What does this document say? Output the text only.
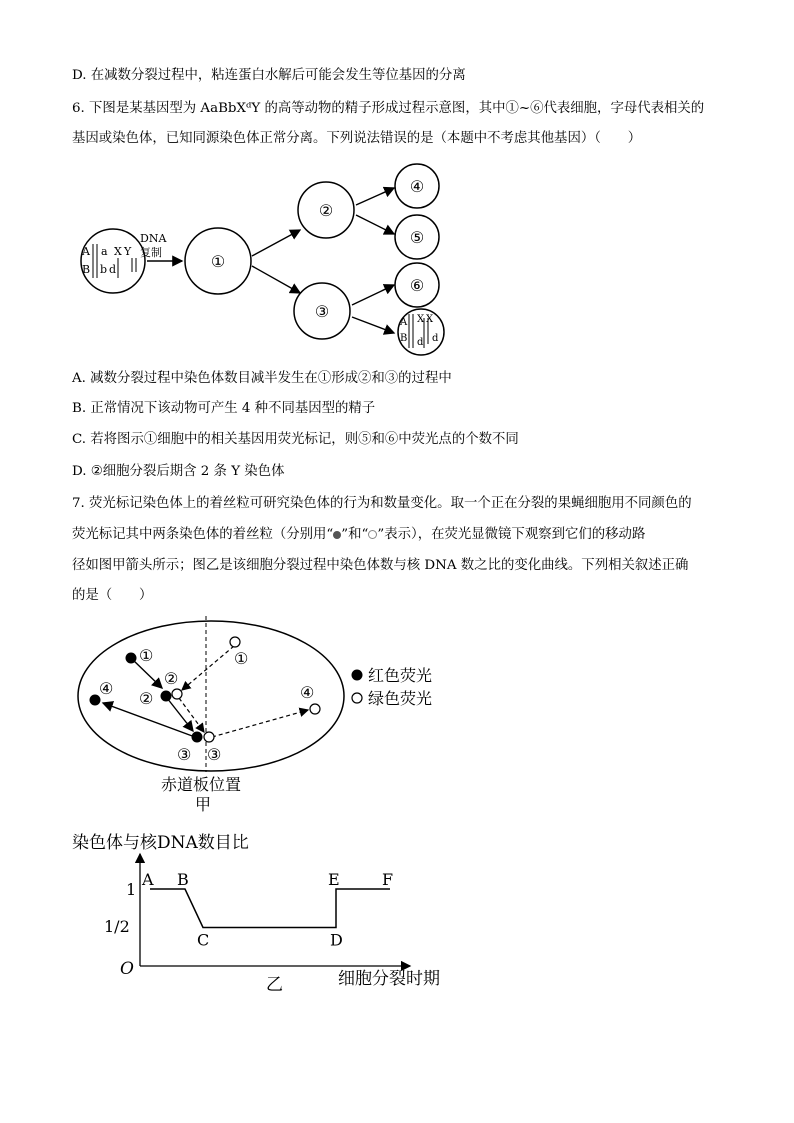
D. 在减数分裂过程中，粘连蛋白水解后可能会发生等位基因的分离
6. 下图是某基因型为 AaBbXᵈY 的高等动物的精子形成过程示意图，其中①~⑥代表细胞，字母代表相关的
基因或染色体，已知同源染色体正常分离。下列说法错误的是（本题中不考虑其他基因）（　　）
A a X Y
B b d
DNA
复制	①
②
③
④
⑤
⑥
A X X
B d d
A. 减数分裂过程中染色体数目减半发生在①形成②和③的过程中
B. 正常情况下该动物可产生 4 种不同基因型的精子
C. 若将图示①细胞中的相关基因用荧光标记，则⑤和⑥中荧光点的个数不同
D. ②细胞分裂后期含 2 条 Y 染色体
7. 荧光标记染色体上的着丝粒可研究染色体的行为和数量变化。取一个正在分裂的果蝇细胞用不同颜色的
荧光标记其中两条染色体的着丝粒（分别用“ ”和“ ”表示），在荧光显微镜下观察到它们的移动路
径如图甲箭头所示；图乙是该细胞分裂过程中染色体数与核 DNA 数之比的变化曲线。下列相关叙述正确
的是（　　）
①	①
②
②
④	④
③ ③
红色荧光
绿色荧光
赤道板位置
甲
染色体与核DNA数目比
O
1
1/2
A B
C	D
E	F
细胞分裂时期
乙
